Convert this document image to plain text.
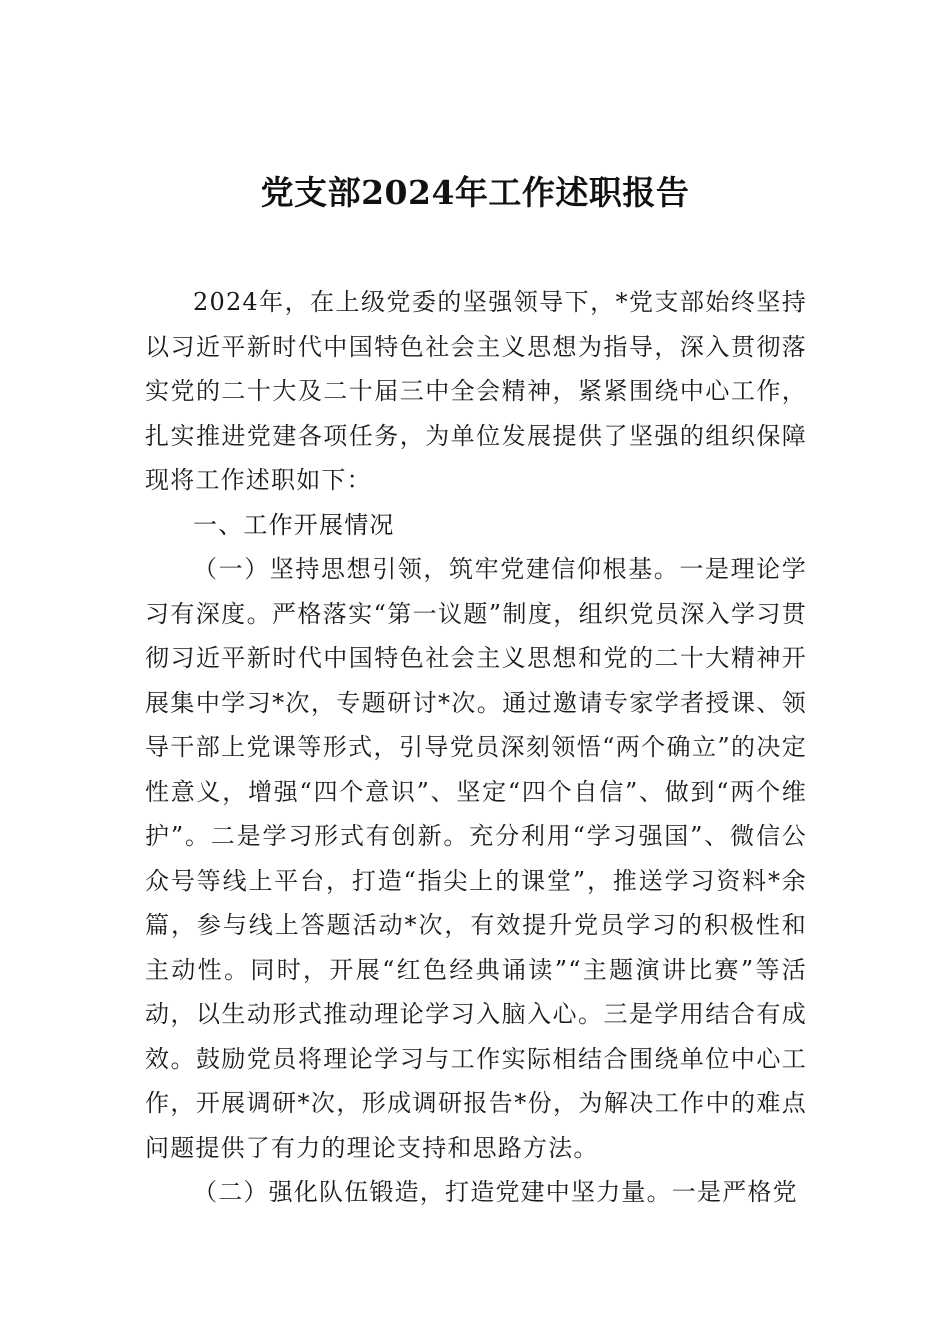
党支部2024年工作述职报告

2024年，在上级党委的坚强领导下，*党支部始终坚持以习近平新时代中国特色社会主义思想为指导，深入贯彻落实党的二十大及二十届三中全会精神，紧紧围绕中心工作，扎实推进党建各项任务，为单位发展提供了坚强的组织保障现将工作述职如下：

一、工作开展情况

（一）坚持思想引领，筑牢党建信仰根基。一是理论学习有深度。严格落实“第一议题”制度，组织党员深入学习贯彻习近平新时代中国特色社会主义思想和党的二十大精神开展集中学习*次，专题研讨*次。通过邀请专家学者授课、领导干部上党课等形式，引导党员深刻领悟“两个确立”的决定性意义，增强“四个意识”、坚定“四个自信”、做到“两个维护”。二是学习形式有创新。充分利用“学习强国”、微信公众号等线上平台，打造“指尖上的课堂”，推送学习资料*余篇，参与线上答题活动*次，有效提升党员学习的积极性和主动性。同时，开展“红色经典诵读”“主题演讲比赛”等活动，以生动形式推动理论学习入脑入心。三是学用结合有成效。鼓励党员将理论学习与工作实际相结合围绕单位中心工作，开展调研*次，形成调研报告*份，为解决工作中的难点问题提供了有力的理论支持和思路方法。

（二）强化队伍锻造，打造党建中坚力量。一是严格党
